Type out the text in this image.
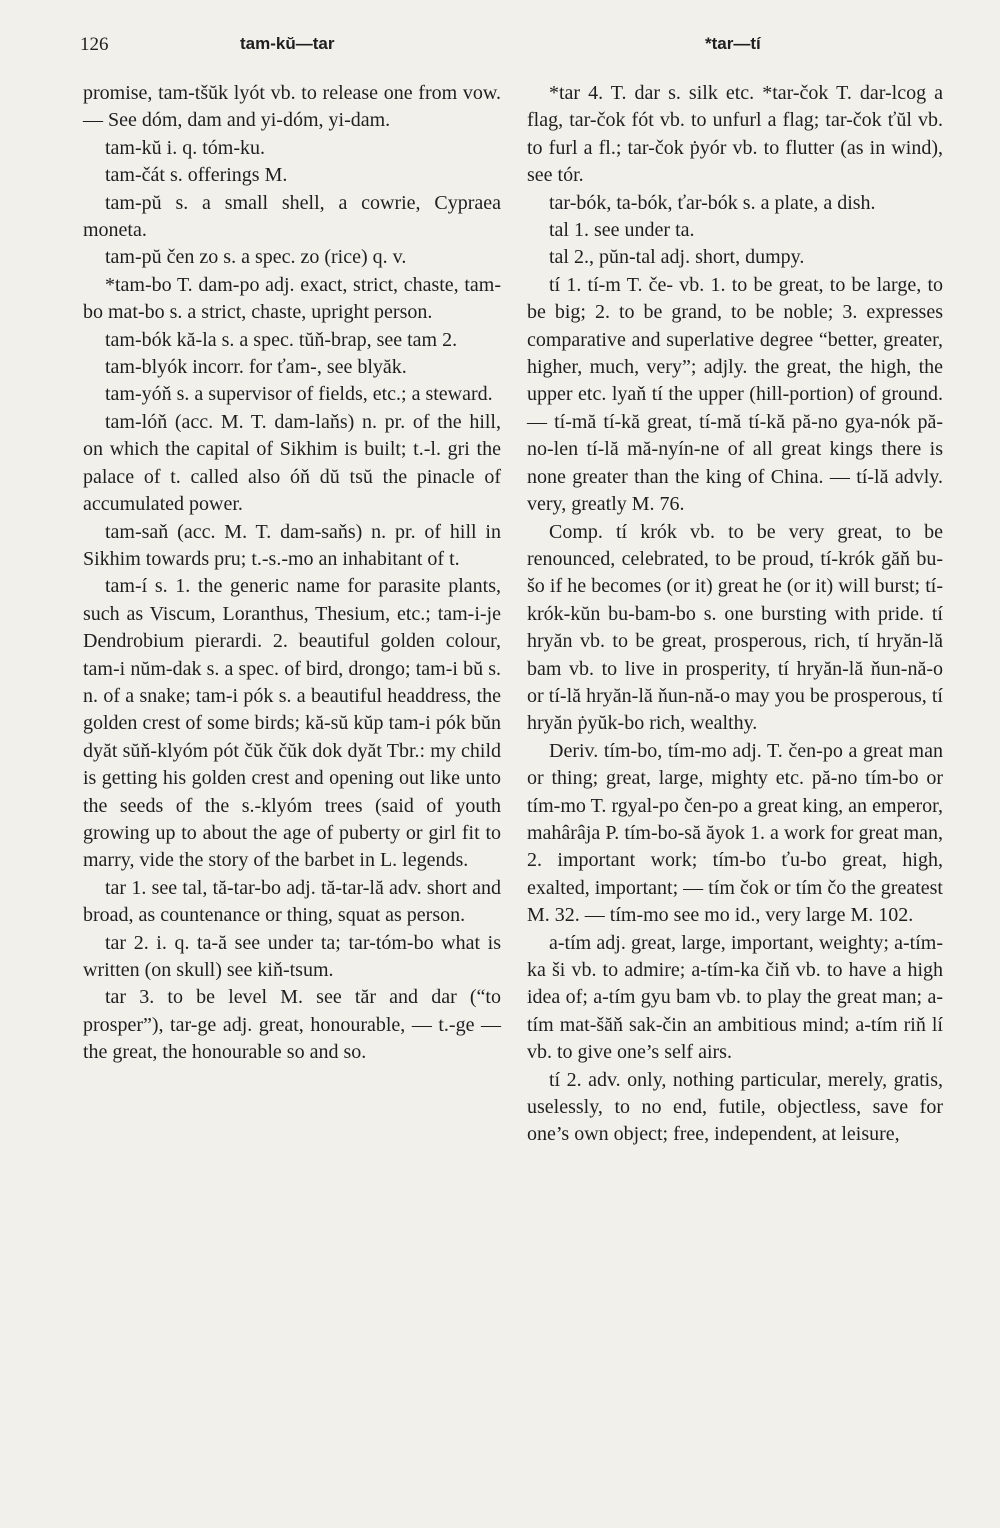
126	tam-kŭ—tar	*tar—tí

promise, tam-tšŭk lyót vb. to release one from vow. — See dóm, dam and yi-dóm, yi-dam.

tam-kŭ i. q. tóm-ku.

tam-čát s. offerings M.

tam-pŭ s. a small shell, a cowrie, Cypraea moneta.

tam-pŭ čen zo s. a spec. zo (rice) q. v.

*tam-bo T. dam-po adj. exact, strict, chaste, tam-bo mat-bo s. a strict, chaste, upright person.

tam-bók kă-la s. a spec. tŭň-brap, see tam 2.

tam-blyók incorr. for ťam-, see blyăk.

tam-yóň s. a supervisor of fields, etc.; a steward.

tam-lóň (acc. M. T. dam-laňs) n. pr. of the hill, on which the capital of Sikhim is built; t.-l. gri the palace of t. called also óň dŭ tsŭ the pinacle of accumulated power.

tam-saň (acc. M. T. dam-saňs) n. pr. of hill in Sikhim towards pru; t.-s.-mo an inhabitant of t.

tam-í s. 1. the generic name for parasite plants, such as Viscum, Loranthus, Thesium, etc.; tam-i-je Dendrobium pierardi. 2. beautiful golden colour, tam-i nŭm-dak s. a spec. of bird, drongo; tam-i bŭ s. n. of a snake; tam-i pók s. a beautiful headdress, the golden crest of some birds; kă-sŭ kŭp tam-i pók bŭn dyăt sŭň-klyóm pót čŭk čŭk dok dyăt Tbr.: my child is getting his golden crest and opening out like unto the seeds of the s.-klyóm trees (said of youth growing up to about the age of puberty or girl fit to marry, vide the story of the barbet in L. legends.

tar 1. see tal, tă-tar-bo adj. tă-tar-lă adv. short and broad, as countenance or thing, squat as person.

tar 2. i. q. ta-ă see under ta; tar-tóm-bo what is written (on skull) see kiň-tsum.

tar 3. to be level M. see tăr and dar (“to prosper”), tar-ge adj. great, honourable, — t.-ge — the great, the honourable so and so.

*tar 4. T. dar s. silk etc. *tar-čok T. dar-lcog a flag, tar-čok fót vb. to unfurl a flag; tar-čok ťŭl vb. to furl a fl.; tar-čok ṗyór vb. to flutter (as in wind), see tór.

tar-bók, ta-bók, ťar-bók s. a plate, a dish.

tal 1. see under ta.

tal 2., pŭn-tal adj. short, dumpy.

tí 1. tí-m T. če- vb. 1. to be great, to be large, to be big; 2. to be grand, to be noble; 3. expresses comparative and superlative degree “better, greater, higher, much, very”; adjly. the great, the high, the upper etc. lyaň tí the upper (hill-portion) of ground. — tí-mă tí-kă great, tí-mă tí-kă pă-no gya-nók pă-no-len tí-lă mă-nyín-ne of all great kings there is none greater than the king of China. — tí-lă advly. very, greatly M. 76.

Comp. tí krók vb. to be very great, to be renounced, celebrated, to be proud, tí-krók găň bu-šo if he becomes (or it) great he (or it) will burst; tí-krók-kŭn bu-bam-bo s. one bursting with pride. tí hryăn vb. to be great, prosperous, rich, tí hryăn-lă bam vb. to live in prosperity, tí hryăn-lă ňun-nă-o or tí-lă hryăn-lă ňun-nă-o may you be prosperous, tí hryăn ṗyŭk-bo rich, wealthy.

Deriv. tím-bo, tím-mo adj. T. čen-po a great man or thing; great, large, mighty etc. pă-no tím-bo or tím-mo T. rgyal-po čen-po a great king, an emperor, mahârâja P. tím-bo-să ăyok 1. a work for great man, 2. important work; tím-bo ťu-bo great, high, exalted, important; — tím čok or tím čo the greatest M. 32. — tím-mo see mo id., very large M. 102.

a-tím adj. great, large, important, weighty; a-tím-ka ši vb. to admire; a-tím-ka čiň vb. to have a high idea of; a-tím gyu bam vb. to play the great man; a-tím mat-šăň sak-čin an ambitious mind; a-tím riň lí vb. to give one’s self airs.

tí 2. adv. only, nothing particular, merely, gratis, uselessly, to no end, futile, objectless, save for one’s own object; free, independent, at leisure,
